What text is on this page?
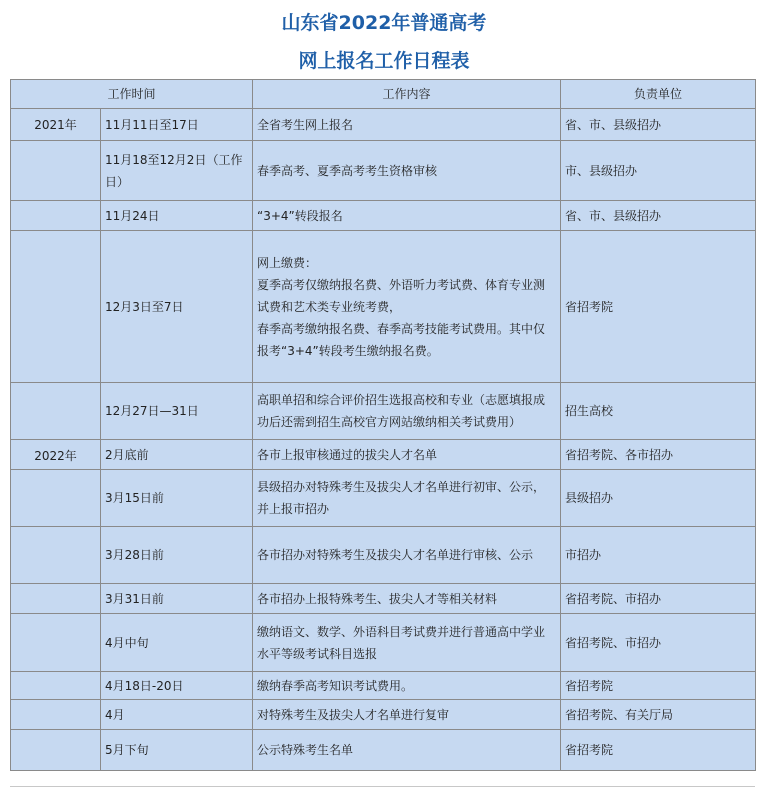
山东省2022年普通高考
网上报名工作日程表
工作时间		工作内容	负责单位
2021年	11月11日至17日	全省考生网上报名	省、市、县级招办
	11月18至12月2日（工作日）	春季高考、夏季高考考生资格审核	市、县级招办
	11月24日	“3+4”转段报名	省、市、县级招办
	12月3日至7日	网上缴费：
夏季高考仅缴纳报名费、外语听力考试费、体育专业测试费和艺术类专业统考费，
春季高考缴纳报名费、春季高考技能考试费用。其中仅报考“3+4”转段考生缴纳报名费。	省招考院
	12月27日—31日	高职单招和综合评价招生选报高校和专业（志愿填报成功后还需到招生高校官方网站缴纳相关考试费用）	招生高校
2022年	2月底前	各市上报审核通过的拔尖人才名单	省招考院、各市招办
	3月15日前	县级招办对特殊考生及拔尖人才名单进行初审、公示，并上报市招办	县级招办
	3月28日前	各市招办对特殊考生及拔尖人才名单进行审核、公示	市招办
	3月31日前	各市招办上报特殊考生、拔尖人才等相关材料	省招考院、市招办
	4月中旬	缴纳语文、数学、外语科目考试费并进行普通高中学业水平等级考试科目选报	省招考院、市招办
	4月18日-20日	缴纳春季高考知识考试费用。	省招考院
	4月	对特殊考生及拔尖人才名单进行复审	省招考院、有关厅局
	5月下旬	公示特殊考生名单	省招考院
